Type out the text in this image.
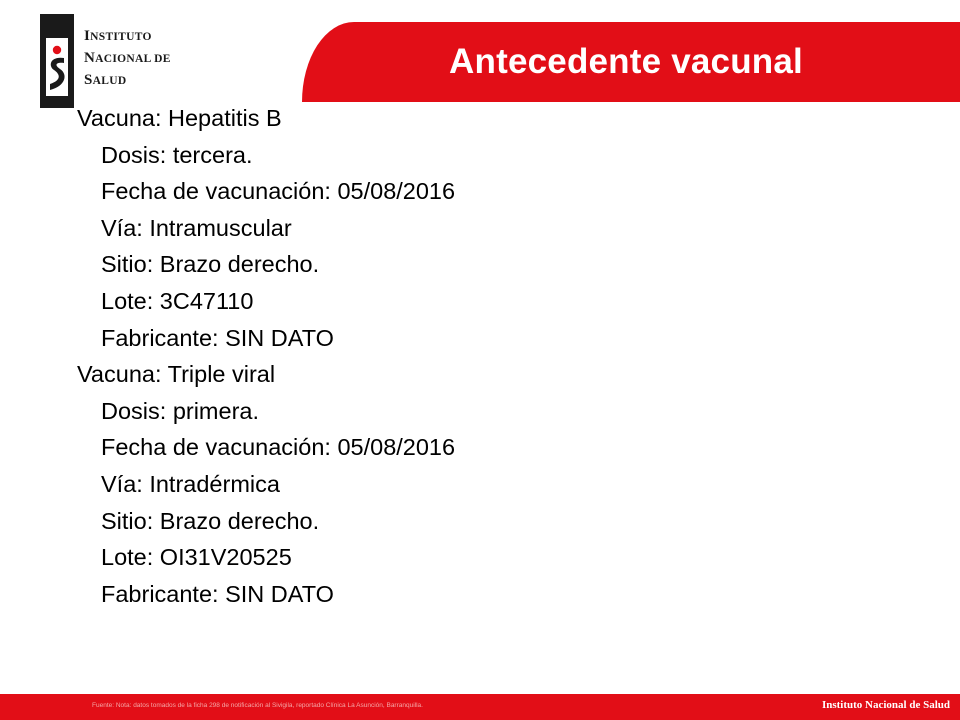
INSTITUTO
NACIONAL DE
SALUD	Antecedente vacunal
Vacuna: Hepatitis B
Dosis: tercera.
Fecha de vacunación: 05/08/2016
Vía: Intramuscular
Sitio: Brazo derecho.
Lote: 3C47110
Fabricante: SIN DATO
Vacuna: Triple viral
Dosis: primera.
Fecha de vacunación: 05/08/2016
Vía: Intradérmica
Sitio: Brazo derecho.
Lote: OI31V20525
Fabricante: SIN DATO
Fuente: Nota: datos tomados de la ficha 298 de notificación al Sivigila, reportado Clínica La Asunción, Barranquilla.	Instituto Nacional de Salud
